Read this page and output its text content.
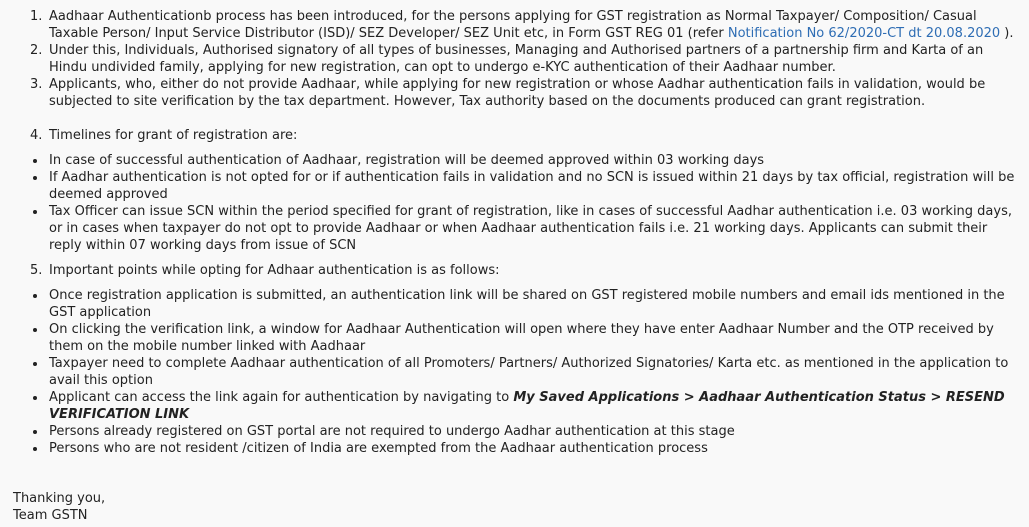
1. Aadhaar Authenticationb process has been introduced, for the persons applying for GST registration as Normal Taxpayer/ Composition/ Casual Taxable Person/ Input Service Distributor (ISD)/ SEZ Developer/ SEZ Unit etc, in Form GST REG 01 (refer Notification No 62/2020-CT dt 20.08.2020 ).
2. Under this, Individuals, Authorised signatory of all types of businesses, Managing and Authorised partners of a partnership firm and Karta of an Hindu undivided family, applying for new registration, can opt to undergo e-KYC authentication of their Aadhaar number.
3. Applicants, who, either do not provide Aadhaar, while applying for new registration or whose Aadhar authentication fails in validation, would be subjected to site verification by the tax department. However, Tax authority based on the documents produced can grant registration.
4. Timelines for grant of registration are:
In case of successful authentication of Aadhaar, registration will be deemed approved within 03 working days
If Aadhar authentication is not opted for or if authentication fails in validation and no SCN is issued within 21 days by tax official, registration will be deemed approved
Tax Officer can issue SCN within the period specified for grant of registration, like in cases of successful Aadhar authentication i.e. 03 working days, or in cases when taxpayer do not opt to provide Aadhaar or when Aadhaar authentication fails i.e. 21 working days. Applicants can submit their reply within 07 working days from issue of SCN
5. Important points while opting for Adhaar authentication is as follows:
Once registration application is submitted, an authentication link will be shared on GST registered mobile numbers and email ids mentioned in the GST application
On clicking the verification link, a window for Aadhaar Authentication will open where they have enter Aadhaar Number and the OTP received by them on the mobile number linked with Aadhaar
Taxpayer need to complete Aadhaar authentication of all Promoters/ Partners/ Authorized Signatories/ Karta etc. as mentioned in the application to avail this option
Applicant can access the link again for authentication by navigating to My Saved Applications > Aadhaar Authentication Status > RESEND VERIFICATION LINK
Persons already registered on GST portal are not required to undergo Aadhar authentication at this stage
Persons who are not resident /citizen of India are exempted from the Aadhaar authentication process
Thanking you,
Team GSTN
